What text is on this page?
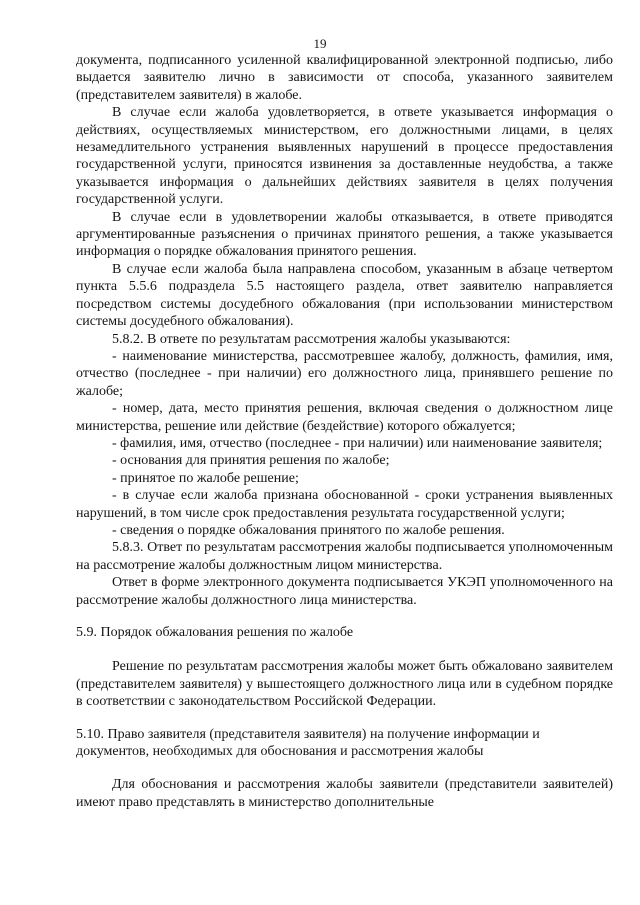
19

документа, подписанного усиленной квалифицированной электронной подписью, либо выдается заявителю лично в зависимости от способа, указанного заявителем (представителем заявителя) в жалобе.

В случае если жалоба удовлетворяется, в ответе указывается информация о действиях, осуществляемых министерством, его должностными лицами, в целях незамедлительного устранения выявленных нарушений в процессе предоставления государственной услуги, приносятся извинения за доставленные неудобства, а также указывается информация о дальнейших действиях заявителя в целях получения государственной услуги.

В случае если в удовлетворении жалобы отказывается, в ответе приводятся аргументированные разъяснения о причинах принятого решения, а также указывается информация о порядке обжалования принятого решения.

В случае если жалоба была направлена способом, указанным в абзаце четвертом пункта 5.5.6 подраздела 5.5 настоящего раздела, ответ заявителю направляется посредством системы досудебного обжалования (при использовании министерством системы досудебного обжалования).

5.8.2. В ответе по результатам рассмотрения жалобы указываются:

- наименование министерства, рассмотревшее жалобу, должность, фамилия, имя, отчество (последнее - при наличии) его должностного лица, принявшего решение по жалобе;

- номер, дата, место принятия решения, включая сведения о должностном лице министерства, решение или действие (бездействие) которого обжалуется;

- фамилия, имя, отчество (последнее - при наличии) или наименование заявителя;

- основания для принятия решения по жалобе;

- принятое по жалобе решение;

- в случае если жалоба признана обоснованной - сроки устранения выявленных нарушений, в том числе срок предоставления результата государственной услуги;

- сведения о порядке обжалования принятого по жалобе решения.

5.8.3. Ответ по результатам рассмотрения жалобы подписывается уполномоченным на рассмотрение жалобы должностным лицом министерства.

Ответ в форме электронного документа подписывается УКЭП уполномоченного на рассмотрение жалобы должностного лица министерства.

5.9. Порядок обжалования решения по жалобе

Решение по результатам рассмотрения жалобы может быть обжаловано заявителем (представителем заявителя) у вышестоящего должностного лица или в судебном порядке в соответствии с законодательством Российской Федерации.

5.10. Право заявителя (представителя заявителя) на получение информации и

документов, необходимых для обоснования и рассмотрения жалобы

Для обоснования и рассмотрения жалобы заявители (представители заявителей) имеют право представлять в министерство дополнительные
